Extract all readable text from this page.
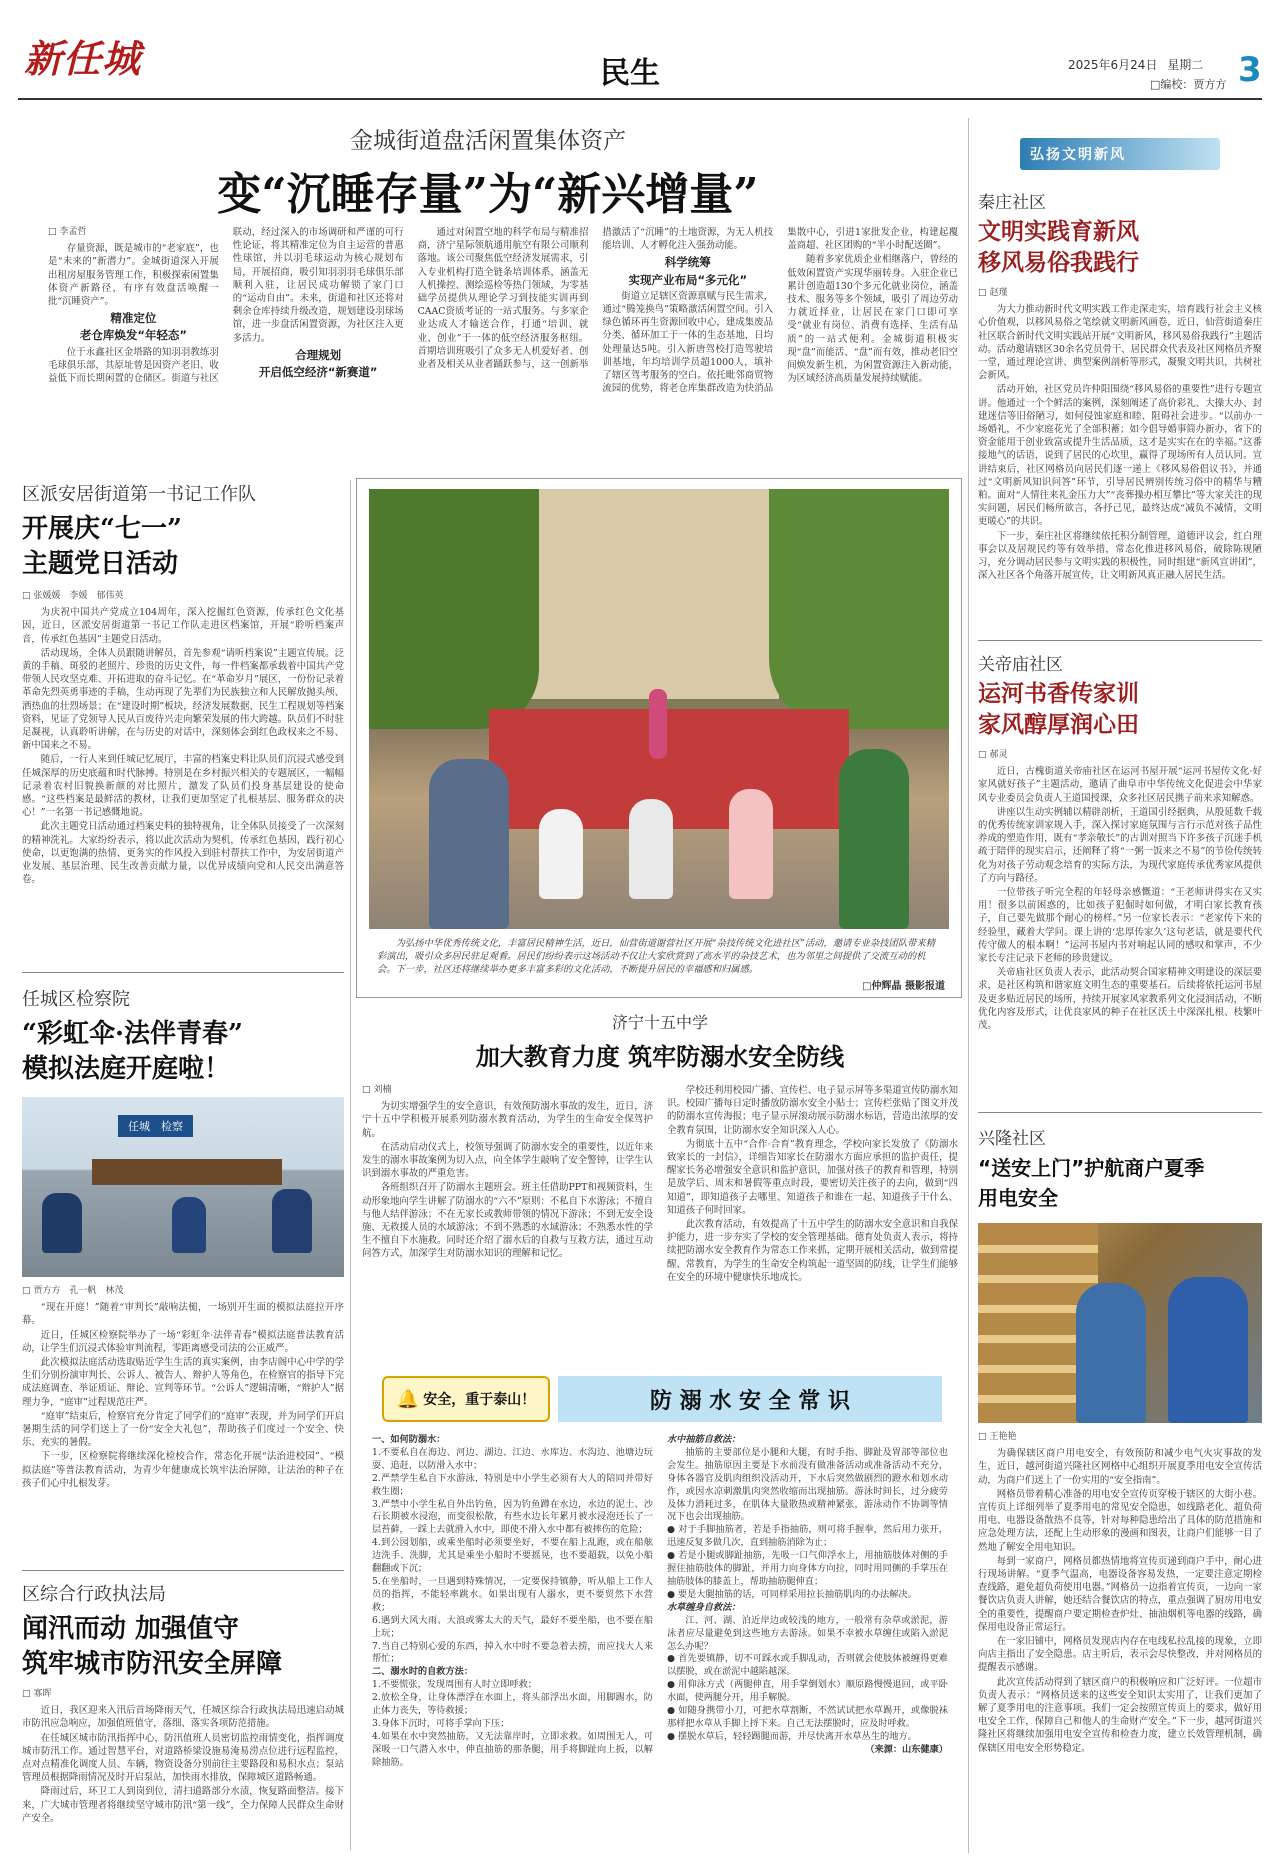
新任城	民生	2025年6月24日 星期二
□编校：贾方方 3
金城街道盘活闲置集体资产
变“沉睡存量”为“新兴增量”
□ 李孟哲

存量资源，既是城市的“老家底”，也是“未来的”新潜力”。金城街道深入开展出租房屋服务管理工作，积极探索闲置集体资产新路径，有序有效盘活唤醒一批“沉睡资产”。

精准定位
老仓库焕发“年轻态”

位于永鑫社区金塔路的知羽羽教练羽毛球俱乐部，其原址曾是因资产老旧、收益低下而长期闲置的仓储区。街道与社区联动，经过深入的市场调研和严谨的可行性论证，将其精准定位为自主运营的普惠性球馆，并以羽毛球运动为核心规划布局，开展招商，吸引知羽羽羽毛球俱乐部顺利入驻，让居民成功解锁了家门口的“运动自由”。未来，街道和社区还将对剩余仓库持续升级改造，规划建设羽球场馆，进一步盘活闲置资源，为社区注入更多活力。

合理规划
开启低空经济“新赛道”

通过对闲置空地的科学布局与精准招商，济宁星际领航通用航空有限公司顺利落地。该公司聚焦低空经济发展需求，引入专业机构打造全链条培训体系，涵盖无人机操控、测绘巡检等热门领域，为零基础学员提供从理论学习到技能实训再到CAAC资质考证的一站式服务。与多家企业达成人才输送合作，打通“培训、就业、创业”于一体的低空经济服务枢纽。首期培训班吸引了众多无人机爱好者、创业者及相关从业者踊跃参与，这一创新举措激活了“沉睡”的土地资源，为无人机技能培训、人才孵化注入强劲动能。

科学统筹
实现产业布局“多元化”

街道立足辖区资源禀赋与民生需求，通过“腾笼换鸟”策略激活闲置空间。引入绿色循环再生资源回收中心，建成集废品分类、循环加工于一体的生态基地，日均处理量达5吨。引入新唐驾校打造驾驶培训基地，年均培训学员超1000人，填补了辖区驾考服务的空白。依托毗邻商贸物流园的优势，将老仓库集群改造为快消品集散中心，引进1家批发企业，构建起覆盖商超、社区团购的“半小时配送圈”。

随着多家优质企业相继落户，曾经的低效闲置资产实现华丽转身。入驻企业已累计创造超130个多元化就业岗位，涵盖技术、服务等多个领域，吸引了周边劳动力就近择业，让居民在家门口即可享受“就业有岗位、消费有选择、生活有品质”的一站式便利。金城街道积极实现“盘”而能活、“盘”而有效，推动老旧空间焕发新生机，为闲置资源注入新动能，为区域经济高质量发展持续赋能。

区派安居街道第一书记工作队
开展庆“七一”
主题党日活动
□ 张媛媛　李媛　郁伟英

为庆祝中国共产党成立104周年，深入挖掘红色资源，传承红色文化基因，近日，区派安居街道第一书记工作队走进区档案馆，开展“聆听档案声音，传承红色基因”主题党日活动。

活动现场，全体人员跟随讲解员，首先参观“请听档案说”主题宣传展。泛黄的手稿、斑驳的老照片、珍贵的历史文件，每一件档案都承载着中国共产党带领人民攻坚克难、开拓进取的奋斗记忆。在“革命岁月”展区，一份份记录着革命先烈英勇事迹的手稿，生动再现了先辈们为民族独立和人民解放抛头颅、洒热血的壮烈场景；在“建设时期”板块，经济发展数据、民生工程规划等档案资料，见证了党领导人民从百废待兴走向繁荣发展的伟大跨越。队员们不时驻足凝视，认真聆听讲解，在与历史的对话中，深刻体会到红色政权来之不易、新中国来之不易。

随后，一行人来到任城记忆展厅，丰富的档案史料让队员们沉浸式感受到任城深厚的历史底蕴和时代脉搏。特别是在乡村振兴相关的专题展区，一幅幅记录着农村旧貌换新颜的对比照片，激发了队员们投身基层建设的使命感。“这些档案是最鲜活的教材，让我们更加坚定了扎根基层、服务群众的决心！”一名第一书记感慨地说。

此次主题党日活动通过档案史料的独特视角，让全体队员接受了一次深刻的精神洗礼。大家纷纷表示，将以此次活动为契机，传承红色基因，践行初心使命，以更饱满的热情、更务实的作风投入到驻村帮扶工作中，为安居街道产业发展、基层治理、民生改善贡献力量，以优异成绩向党和人民交出满意答卷。

任城区检察院
“彩虹伞·法伴青春”
模拟法庭开庭啦！
任城　检察
□ 贾方方　孔一帆　林茂

“现在开庭！”随着“审判长”敲响法槌，一场别开生面的模拟法庭拉开序幕。

近日，任城区检察院举办了一场“彩虹伞·法伴青春”模拟法庭普法教育活动，让学生们沉浸式体验审判流程，零距离感受司法的公正威严。

此次模拟法庭活动选取贴近学生生活的真实案例，由李店阁中心中学的学生们分别扮演审判长、公诉人、被告人、辩护人等角色，在检察官的指导下完成法庭调查、举证质证、辩论、宣判等环节。“公诉人”逻辑清晰，“辩护人”据理力争，“庭审”过程规范庄严。

“庭审”结束后，检察官充分肯定了同学们的“庭审”表现，并为同学们开启暑期生活的同学们送上了一份“安全大礼包”，帮助孩子们度过一个安全、快乐、充实的暑假。

下一步，区检察院将继续深化检校合作，常态化开展“法治进校园”、“模拟法庭”等普法教育活动，为青少年健康成长筑牢法治屏障，让法治的种子在孩子们心中扎根发芽。

区综合行政执法局
闻汛而动 加强值守
筑牢城市防汛安全屏障
□ 寡晖

近日，我区迎来入汛后首场降雨天气，任城区综合行政执法局迅速启动城市防汛应急响应，加强值班值守，落细、落实各项防范措施。

在任城区城市防汛指挥中心，防汛值班人员密切监控雨情变化，指挥调度城市防汛工作。通过智慧平台，对道路桥梁设施易淹易涝点位进行远程监控，点对点精准化调度人员、车辆，物资设备分别前往主要路段和易积水点；泵站管理员根据降雨情况及时开启泵站，加快雨水排放，保障城区道路畅通。

降雨过后，环卫工人到岗到位，清扫道路部分水渍，恢复路面整洁。接下来，广大城市管理者将继续坚守城市防汛“第一线”，全力保障人民群众生命财产安全。

为弘扬中华优秀传统文化，丰富居民精神生活，近日，仙营街道谢营社区开展“杂技传统文化进社区”活动，邀请专业杂技团队带来精彩演出，吸引众多居民驻足观看。居民们纷纷表示这场活动不仅让大家欣赏到了高水平的杂技艺术，也为邻里之间提供了交流互动的机会。下一步，社区还将继续举办更多丰富多彩的文化活动，不断提升居民的幸福感和归属感。
□仲辉晶 摄影报道
济宁十五中学
加大教育力度 筑牢防溺水安全防线
□ 刘楠

为切实增强学生的安全意识，有效预防溺水事故的发生，近日，济宁十五中学积极开展系列防溺水教育活动，为学生的生命安全保驾护航。

在活动启动仪式上，校领导强调了防溺水安全的重要性，以近年来发生的溺水事故案例为切入点，向全体学生敲响了安全警钟，让学生认识到溺水事故的严重危害。

各班组织召开了防溺水主题班会。班主任借助PPT和视频资料，生动形象地向学生讲解了防溺水的“六不”原则：不私自下水游泳；不擅自与他人结伴游泳；不在无家长或教师带领的情况下游泳；不到无安全设施、无救援人员的水域游泳；不到不熟悉的水域游泳；不熟悉水性的学生不擅自下水施救。同时还介绍了溺水后的自救与互救方法，通过互动问答方式，加深学生对防溺水知识的理解和记忆。

学校还利用校园广播、宣传栏、电子显示屏等多渠道宣传防溺水知识。校园广播每日定时播放防溺水安全小贴士；宣传栏张贴了图文并茂的防溺水宣传海报；电子显示屏滚动展示防溺水标语，营造出浓厚的安全教育氛围，让防溺水安全知识深入人心。

为彻底十五中“合作·合育”教育理念，学校向家长发放了《防溺水致家长的一封信》，详细告知家长在防溺水方面应承担的监护责任，提醒家长务必增强安全意识和监护意识，加强对孩子的教育和管理，特别是放学后、周末和暑假等重点时段，要密切关注孩子的去向，做到“四知道”，即知道孩子去哪里、知道孩子和谁在一起、知道孩子干什么、知道孩子何时回家。

此次教育活动，有效提高了十五中学生的防溺水安全意识和自我保护能力，进一步夯实了学校的安全管理基础。德育处负责人表示，将持续把防溺水安全教育作为常态工作来抓，定期开展相关活动，做到常提醒、常教育，为学生的生命安全构筑起一道坚固的防线，让学生们能够在安全的环境中健康快乐地成长。

🔔 安全，重于泰山！	防 溺 水 安 全 常 识
一、如何防溺水：
1.不要私自在海边、河边、湖边、江边、水库边、水沟边、池塘边玩耍、追赶，以防滑入水中；
2.严禁学生私自下水游泳，特别是中小学生必须有大人的陪同并带好救生圈；
3.严禁中小学生私自外出钓鱼，因为钓鱼蹲在水边，水边的泥土、沙石长期被水浸泡，而变很松散，有些水边长年累月被水浸泡还长了一层苔藓，一踩上去就滑入水中，即使不滑入水中都有被摔伤的危险；
4.到公园划船，或乘坐船时必须要坐好，不要在船上乱跑，或在船舷边洗手、洗脚，尤其是乘坐小船时不要摇晃，也不要超载，以免小船翻翻或下沉；
5.在坐船时，一旦遇到特殊情况，一定要保持镇静，听从船上工作人员的指挥，不能轻率跳水。如果出现有人溺水，更不要贸然下水营救；
6.遇到大风大雨、大浪或雾太大的天气，最好不要坐船，也不要在船上玩；
7.当自己特别心爱的东西，掉入水中时不要急着去捞，而应找大人来帮忙；
二、溺水时的自救方法：
1.不要慌张，发现周围有人时立即呼救；
2.放松全身，让身体漂浮在水面上，将头部浮出水面，用脚踢水，防止体力丧失，等待救援；
3.身体下沉时，可将手掌向下压；
4.如果在水中突然抽筋，又无法靠岸时，立即求救。如周围无人，可深吸一口气潜入水中，伸直抽筋的那条腿，用手将脚趾向上扳，以解除抽筋。
水中抽筋自救法：
抽筋的主要部位是小腿和大腿，有时手指、脚趾及胃部等部位也会发生。抽筋原因主要是下水前没有做准备活动或准备活动不充分，身体各器官及肌肉组织没活动开，下水后突然做剧烈的蹬水和划水动作，或因水凉刺激肌肉突然收缩而出现抽筋。游泳时间长，过分疲劳及体力消耗过多，在肌体大量散热或精神紧张，游泳动作不协调等情况下也会出现抽筋。
● 对于手脚抽筋者，若是手指抽筋，则可将手握拳，然后用力张开，迅速反复多做几次，直到抽筋消除为止；
● 若是小腿或脚趾抽筋，先吸一口气仰浮水上，用抽筋肢体对侧的手握住抽筋肢体的脚趾，并用力向身体方向拉，同时用同侧的手掌压在抽筋肢体的膝盖上，帮助抽筋腿伸直；
● 要是大腿抽筋的话，可同样采用拉长抽筋肌肉的办法解决。
水草缠身自救法：
江、河、湖、泊近岸边或较浅的地方，一般常有杂草或淤泥，游泳者应尽量避免到这些地方去游泳。如果不幸被水草缠住或陷入淤泥怎么办呢？
● 首先要镇静，切不可踩水或手脚乱动，否则就会使肢体被缠得更难以摆脱，或在淤泥中越陷越深。
● 用仰泳方式（两腿伸直，用手掌倒划水）顺原路慢慢退回，或平卧水面，使两腿分开，用手解脱。
● 如随身携带小刀，可把水草割断，不然试试把水草踢开，或像脱袜那样把水草从手脚上捋下来。自己无法摆脱时，应及时呼救。
● 摆脱水草后，轻轻踢腿而游，并尽快离开水草丛生的地方。
（来源：山东健康）
弘扬文明新风
秦庄社区
文明实践育新风
移风易俗我践行
□ 赵瑾

为大力推动新时代文明实践工作走深走实，培育践行社会主义核心价值观，以移风易俗之笔绘就文明新风画卷，近日，仙营街道秦庄社区联合新时代文明实践站开展“文明新风，移风易俗我践行”主题活动。活动邀请辖区30余名党员骨干、居民群众代表及社区网格员齐聚一堂，通过理论宣讲、典型案例剖析等形式，凝聚文明共识，共树社会新风。

活动开始，社区党员许仲阳围绕“移风易俗的重要性”进行专题宣讲。他通过一个个鲜活的案例，深刻阐述了高价彩礼、大操大办、封建迷信等旧俗陋习，如何侵蚀家庭和睦、阻碍社会进步。“以前办一场婚礼，不少家庭花光了全部积蓄；如今倡导婚事简办新办，省下的资金能用于创业致富或提升生活品质，这才是实实在在的幸福。”这番接地气的话语，说到了居民的心坎里，赢得了现场所有人员认同。宣讲结束后，社区网格员向居民们逐一递上《移风易俗倡议书》，并通过“文明新风知识问答”环节，引导居民辨别传统习俗中的精华与糟粕。面对“人情往来礼金压力大”“丧葬操办相互攀比”等大家关注的现实问题，居民们畅所欲言，各抒己见，最终达成“减负不减情，文明更暖心”的共识。

下一步，秦庄社区将继续依托积分制管理，道德评议会，红白理事会以及居规民约等有效举措，常态化推进移风易俗，破除陈规陋习，充分调动居民参与文明实践的积极性，同时组建“新风宣讲团”，深入社区各个角落开展宣传，让文明新风真正融入居民生活。

关帝庙社区
运河书香传家训
家风醇厚润心田
□ 郝灵

近日，古槐街道关帝庙社区在运河书屋开展“运河书屋传文化·好家风就好孩子”主题活动，邀请了曲阜市中华传统文化促进会中华家风专业委员会负责人王道国授课，众多社区居民携子前来求知解惑。

讲座以生动实例辅以精辟剖析，王道国引经据典，从殷延数千载的优秀传统家训家规入手，深入探讨家庭氛围与言行示范对孩子品性养成的塑造作用，既有“孝亲敬长”的古训对照当下许多孩子沉迷手机疏于陪伴的现实启示，还阐释了将“一粥一饭来之不易”的节俭传统转化为对孩子劳动观念培育的实际方法，为现代家庭传承优秀家风提供了方向与路径。

一位带孩子听完全程的年轻母亲感慨道：“王老师讲得实在又实用！很多以前困惑的，比如孩子犯倔时如何做，才明白家长教育孩子，自己要先做那个耐心的榜样。”另一位家长表示：“老家传下来的经验里，藏着大学问。课上讲的‘忠厚传家久’这句老话，就是要代代传守做人的根本啊！”运河书屋内书对响起认同的感叹和掌声，不少家长专注记录下老师的珍贵建议。

关帝庙社区负责人表示，此活动契合国家精神文明建设的深层要求，是社区构筑和谐家庭文明生态的重要基石。后续将依托运河书屋及更多贴近居民的场所，持续开展家风家教系列文化浸润活动，不断优化内容及形式，让优良家风的种子在社区沃土中深深扎根、枝繁叶茂。

兴隆社区
“送安上门”护航商户夏季
用电安全
□ 王艳艳

为确保辖区商户用电安全，有效预防和减少电气火灾事故的发生，近日，越河街道兴隆社区网格中心组织开展夏季用电安全宣传活动，为商户们送上了一份实用的“安全指南”。

网格员带着精心准备的用电安全宣传页穿梭于辖区的大街小巷。宣传页上详细列举了夏季用电的常见安全隐患，如线路老化、超负荷用电、电器设备散热不良等，针对每种隐患给出了具体的防范措施和应急处理方法，还配上生动形象的漫画和图表，让商户们能够一目了然地了解安全用电知识。

每到一家商户，网格员都热情地将宣传页递到商户手中，耐心进行现场讲解。“夏季气温高，电器设备容易发热，一定要注意定期检查线路，避免超负荷使用电器。”网格员一边指着宣传页，一边向一家餐饮店负责人讲解，她还结合餐饮店的特点，重点强调了厨房用电安全的重要性，提醒商户要定期检查炉灶、抽油烟机等电器的线路，确保用电设备正常运行。

在一家旧铺中，网格员发现店内存在电线私拉乱接的现象，立即向店主指出了安全隐患。店主听后，表示会尽快整改，并对网格员的提醒表示感谢。

此次宣传活动得到了辖区商户的积极响应和广泛好评。一位超市负责人表示：“网格员送来的这些安全知识太实用了，让我们更加了解了夏季用电的注意事项。我们一定会按照宣传页上的要求，做好用电安全工作，保障自己和他人的生命财产安全。”下一步，越河街道兴隆社区将继续加强用电安全宣传和检查力度，建立长效管理机制，确保辖区用电安全形势稳定。
